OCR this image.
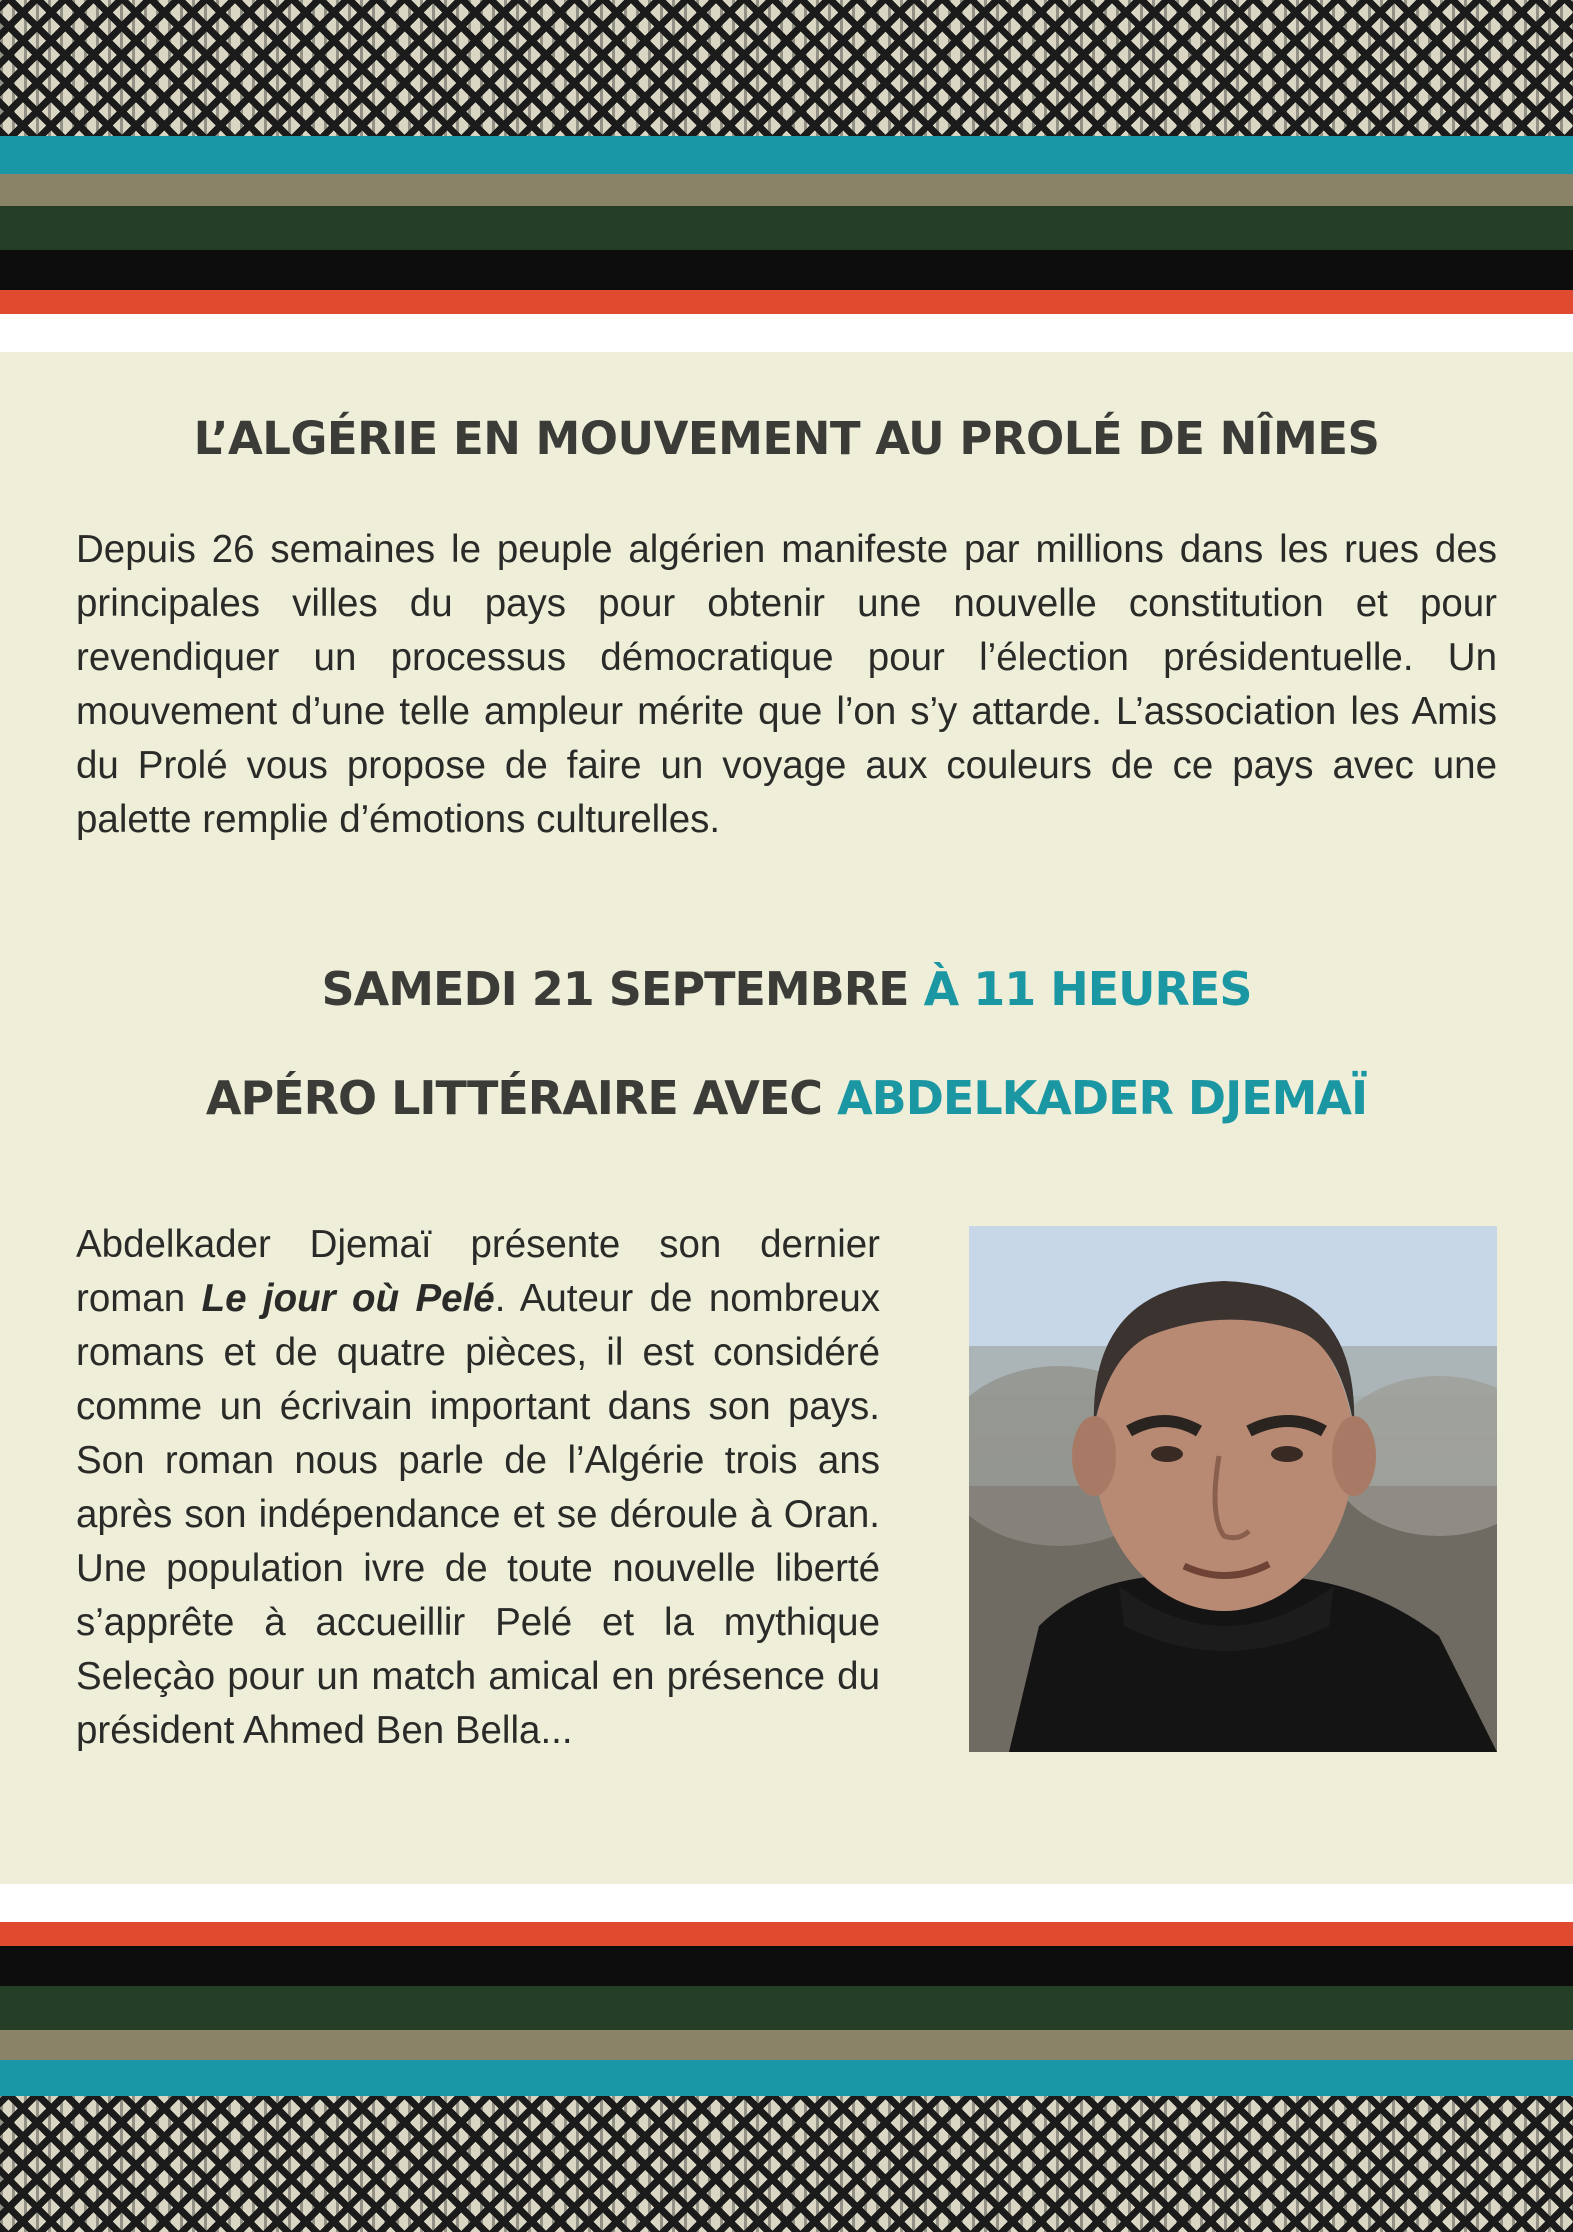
L’ALGÉRIE EN MOUVEMENT AU PROLÉ DE NÎMES

Depuis 26 semaines le peuple algérien manifeste par millions dans les rues des principales villes du pays pour obtenir une nouvelle constitution et pour revendiquer un processus démocratique pour l’élection présidentuelle. Un mouvement d’une telle ampleur mérite que l’on s’y attarde. L’association les Amis du Prolé vous propose de faire un voyage aux couleurs de ce pays avec une palette remplie d’émotions culturelles.

SAMEDI 21 SEPTEMBRE À 11 HEURES
APÉRO LITTÉRAIRE AVEC ABDELKADER DJEMAÏ

Abdelkader Djemaï présente son dernier roman Le jour où Pelé. Auteur de nombreux romans et de quatre pièces, il est considéré comme un écrivain important dans son pays. Son roman nous parle de l’Algérie trois ans après son indépendance et se déroule à Oran. Une population ivre de toute nouvelle liberté s’apprête à accueillir Pelé et la mythique Seleçào pour un match amical en présence du président Ahmed Ben Bella...
